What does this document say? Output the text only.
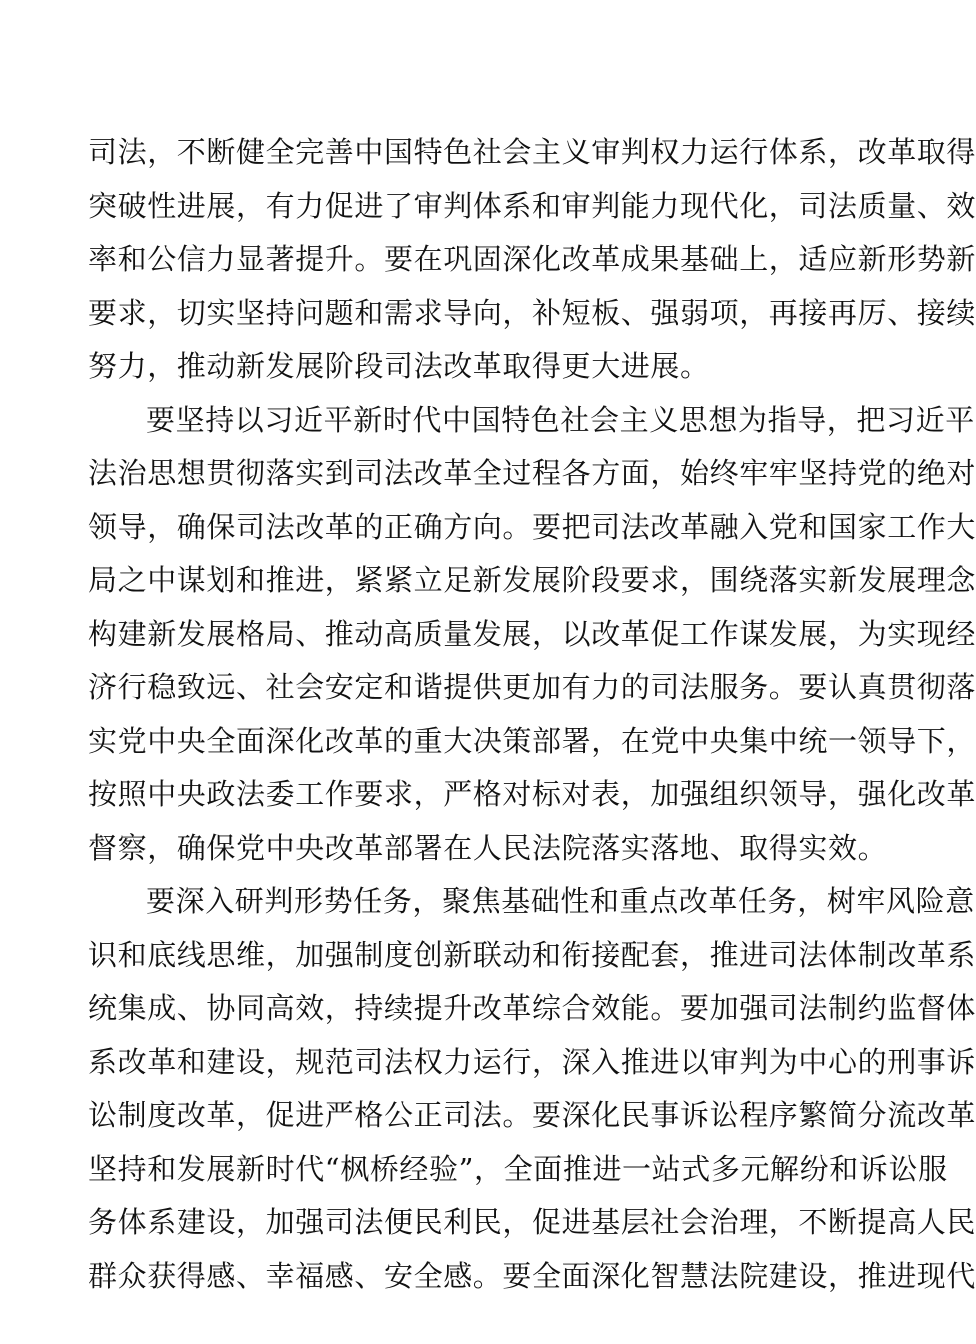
司法，不断健全完善中国特色社会主义审判权力运行体系，改革取得
突破性进展，有力促进了审判体系和审判能力现代化，司法质量、效
率和公信力显著提升。要在巩固深化改革成果基础上，适应新形势新
要求，切实坚持问题和需求导向，补短板、强弱项，再接再厉、接续
努力，推动新发展阶段司法改革取得更大进展。
要坚持以习近平新时代中国特色社会主义思想为指导，把习近平
法治思想贯彻落实到司法改革全过程各方面，始终牢牢坚持党的绝对
领导，确保司法改革的正确方向。要把司法改革融入党和国家工作大
局之中谋划和推进，紧紧立足新发展阶段要求，围绕落实新发展理念
构建新发展格局、推动高质量发展，以改革促工作谋发展，为实现经
济行稳致远、社会安定和谐提供更加有力的司法服务。要认真贯彻落
实党中央全面深化改革的重大决策部署，在党中央集中统一领导下，
按照中央政法委工作要求，严格对标对表，加强组织领导，强化改革
督察，确保党中央改革部署在人民法院落实落地、取得实效。
要深入研判形势任务，聚焦基础性和重点改革任务，树牢风险意
识和底线思维，加强制度创新联动和衔接配套，推进司法体制改革系
统集成、协同高效，持续提升改革综合效能。要加强司法制约监督体
系改革和建设，规范司法权力运行，深入推进以审判为中心的刑事诉
讼制度改革，促进严格公正司法。要深化民事诉讼程序繁简分流改革
坚持和发展新时代“枫桥经验”，全面推进一站式多元解纷和诉讼服
务体系建设，加强司法便民利民，促进基层社会治理，不断提高人民
群众获得感、幸福感、安全感。要全面深化智慧法院建设，推进现代
